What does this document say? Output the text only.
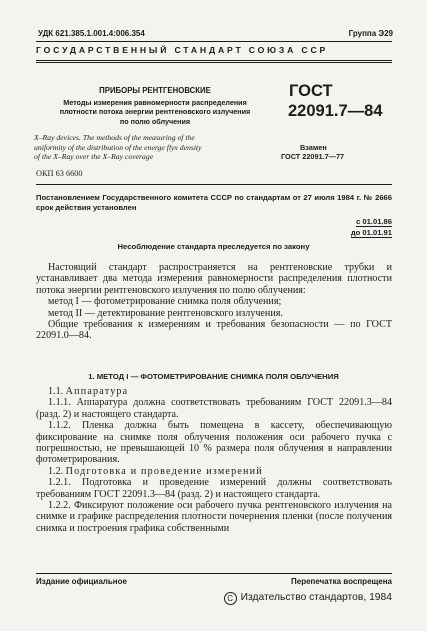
УДК 621.385.1.001.4:006.354	Группа Э29
ГОСУДАРСТВЕННЫЙ СТАНДАРТ СОЮЗА ССР
ПРИБОРЫ РЕНТГЕНОВСКИЕ
Методы измерения равномерности распределения
плотности потока энергии рентгеновского излучения
по полю облучения
X–Ray devices. The methods of the measuring of the
uniformity of the distribution of the energe flyx density
of the X–Ray over the X–Ray coverage
ГОСТ
22091.7—84
Взамен
ГОСТ 22091.7—77
ОКП 63 6600
Постановлением Государственного комитета СССР по стандартам от 27 июля 1984 г. № 2666 срок действия установлен
с 01.01.86
до 01.01.91
Несоблюдение стандарта преследуется по закону

Настоящий стандарт распространяется на рентгеновские трубки и устанавливает два метода измерения равномерности распределения плотности потока энергии рентгеновского излучения по полю облучения:

метод I — фотометрирование снимка поля облучения;

метод II — детектирование рентгеновского излучения.

Общие требования к измерениям и требования безопасности — по ГОСТ 22091.0—84.

1. МЕТОД I — ФОТОМЕТРИРОВАНИЕ СНИМКА ПОЛЯ ОБЛУЧЕНИЯ

1.1. Аппаратура

1.1.1. Аппаратура должна соответствовать требованиям ГОСТ 22091.3—84 (разд. 2) и настоящего стандарта.

1.1.2. Пленка должна быть помещена в кассету, обеспечивающую фиксирование на снимке поля облучения положения оси рабочего пучка с погрешностью, не превышающей 10 % размера поля облучения в направлении фотометрирования.

1.2. Подготовка и проведение измерений

1.2.1. Подготовка и проведение измерений должны соответствовать требованиям ГОСТ 22091.3—84 (разд. 2) и настоящего стандарта.

1.2.2. Фиксируют положение оси рабочего пучка рентгеновского излучения на снимке и графике распределения плотности почернения пленки (после получения снимка и построения графика собственными

Издание официальное	Перепечатка воспрещена
C Издательство стандартов, 1984
